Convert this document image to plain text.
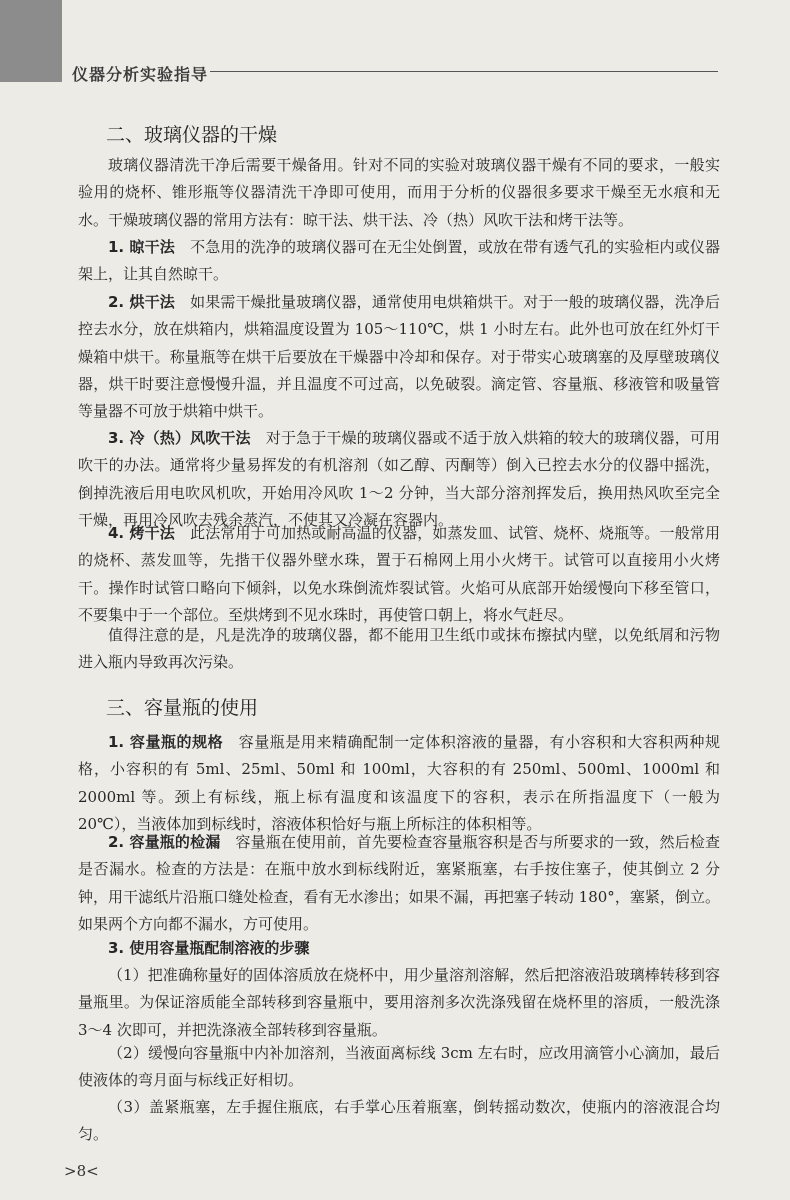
仪器分析实验指导
二、玻璃仪器的干燥

玻璃仪器清洗干净后需要干燥备用。针对不同的实验对玻璃仪器干燥有不同的要求，一般实验用的烧杯、锥形瓶等仪器清洗干净即可使用，而用于分析的仪器很多要求干燥至无水痕和无水。干燥玻璃仪器的常用方法有：晾干法、烘干法、冷（热）风吹干法和烤干法等。

1. 晾干法　 不急用的洗净的玻璃仪器可在无尘处倒置，或放在带有透气孔的实验柜内或仪器架上，让其自然晾干。

2. 烘干法　 如果需干燥批量玻璃仪器，通常使用电烘箱烘干。对于一般的玻璃仪器，洗净后控去水分，放在烘箱内，烘箱温度设置为 105～110℃，烘 1 小时左右。此外也可放在红外灯干燥箱中烘干。称量瓶等在烘干后要放在干燥器中冷却和保存。对于带实心玻璃塞的及厚壁玻璃仪器，烘干时要注意慢慢升温，并且温度不可过高，以免破裂。滴定管、容量瓶、移液管和吸量管等量器不可放于烘箱中烘干。

3. 冷（热）风吹干法　 对于急于干燥的玻璃仪器或不适于放入烘箱的较大的玻璃仪器，可用吹干的办法。通常将少量易挥发的有机溶剂（如乙醇、丙酮等）倒入已控去水分的仪器中摇洗，倒掉洗液后用电吹风机吹，开始用冷风吹 1～2 分钟，当大部分溶剂挥发后，换用热风吹至完全干燥，再用冷风吹去残余蒸汽，不使其又冷凝在容器内。

4. 烤干法　 此法常用于可加热或耐高温的仪器，如蒸发皿、试管、烧杯、烧瓶等。一般常用的烧杯、蒸发皿等，先揩干仪器外壁水珠，置于石棉网上用小火烤干。试管可以直接用小火烤干。操作时试管口略向下倾斜，以免水珠倒流炸裂试管。火焰可从底部开始缓慢向下移至管口，不要集中于一个部位。至烘烤到不见水珠时，再使管口朝上，将水气赶尽。

值得注意的是，凡是洗净的玻璃仪器，都不能用卫生纸巾或抹布擦拭内壁，以免纸屑和污物进入瓶内导致再次污染。

三、容量瓶的使用

1. 容量瓶的规格　 容量瓶是用来精确配制一定体积溶液的量器，有小容积和大容积两种规格，小容积的有 5ml、25ml、50ml 和 100ml，大容积的有 250ml、500ml、1000ml 和 2000ml 等。颈上有标线，瓶上标有温度和该温度下的容积，表示在所指温度下（一般为 20℃），当液体加到标线时，溶液体积恰好与瓶上所标注的体积相等。

2. 容量瓶的检漏　 容量瓶在使用前，首先要检查容量瓶容积是否与所要求的一致，然后检查是否漏水。检查的方法是：在瓶中放水到标线附近，塞紧瓶塞，右手按住塞子，使其倒立 2 分钟，用干滤纸片沿瓶口缝处检查，看有无水渗出；如果不漏，再把塞子转动 180°，塞紧，倒立。如果两个方向都不漏水，方可使用。

3. 使用容量瓶配制溶液的步骤

（1）把准确称量好的固体溶质放在烧杯中，用少量溶剂溶解，然后把溶液沿玻璃棒转移到容量瓶里。为保证溶质能全部转移到容量瓶中，要用溶剂多次洗涤残留在烧杯里的溶质，一般洗涤 3～4 次即可，并把洗涤液全部转移到容量瓶。

（2）缓慢向容量瓶中内补加溶剂，当液面离标线 3cm 左右时，应改用滴管小心滴加，最后使液体的弯月面与标线正好相切。

（3）盖紧瓶塞，左手握住瓶底，右手掌心压着瓶塞，倒转摇动数次，使瓶内的溶液混合均匀。

>8<
